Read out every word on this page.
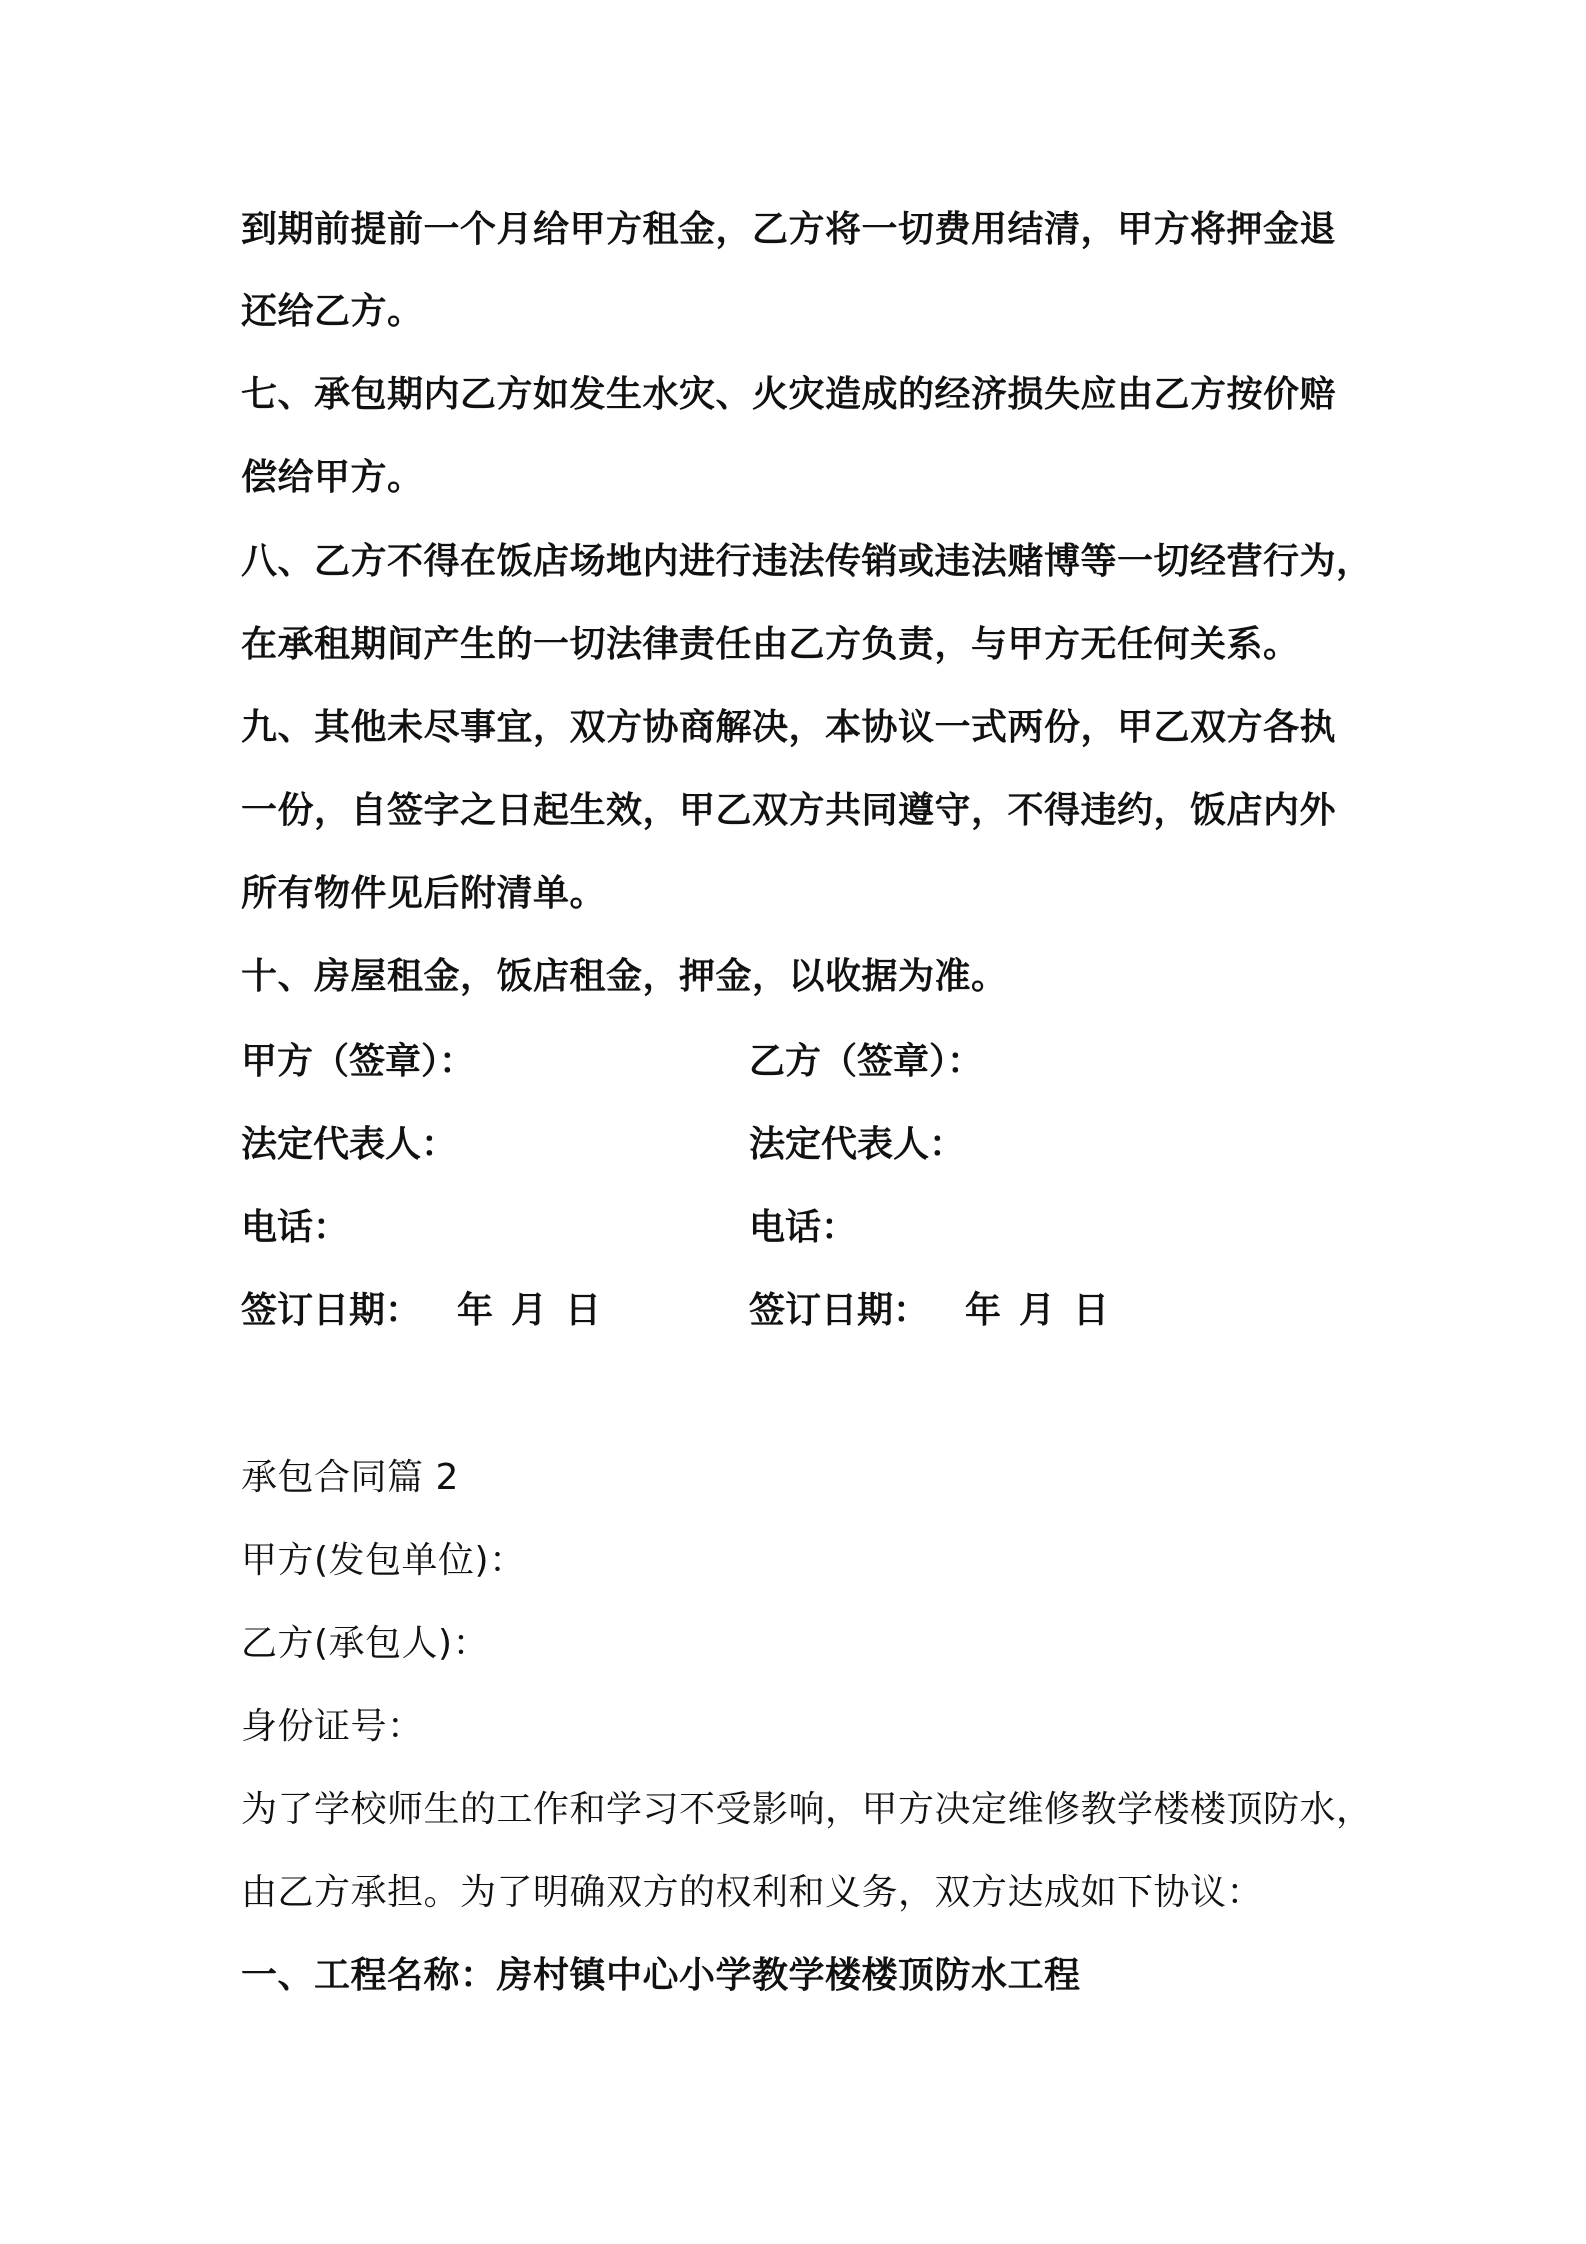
到期前提前一个月给甲方租金，乙方将一切费用结清，甲方将押金退
还给乙方。
七、承包期内乙方如发生水灾、火灾造成的经济损失应由乙方按价赔
偿给甲方。
八、乙方不得在饭店场地内进行违法传销或违法赌博等一切经营行为，
在承租期间产生的一切法律责任由乙方负责，与甲方无任何关系。
九、其他未尽事宜，双方协商解决，本协议一式两份，甲乙双方各执
一份，自签字之日起生效，甲乙双方共同遵守，不得违约，饭店内外
所有物件见后附清单。
十、房屋租金，饭店租金，押金，以收据为准。
甲方（签章）：	乙方（签章）：
法定代表人：	法定代表人：
电话：	电话：
签订日期： 年 月 日	签订日期： 年 月 日
承包合同篇 2
甲方(发包单位)：
乙方(承包人)：
身份证号：
为了学校师生的工作和学习不受影响，甲方决定维修教学楼楼顶防水，
由乙方承担。为了明确双方的权利和义务，双方达成如下协议：
一、工程名称：房村镇中心小学教学楼楼顶防水工程
